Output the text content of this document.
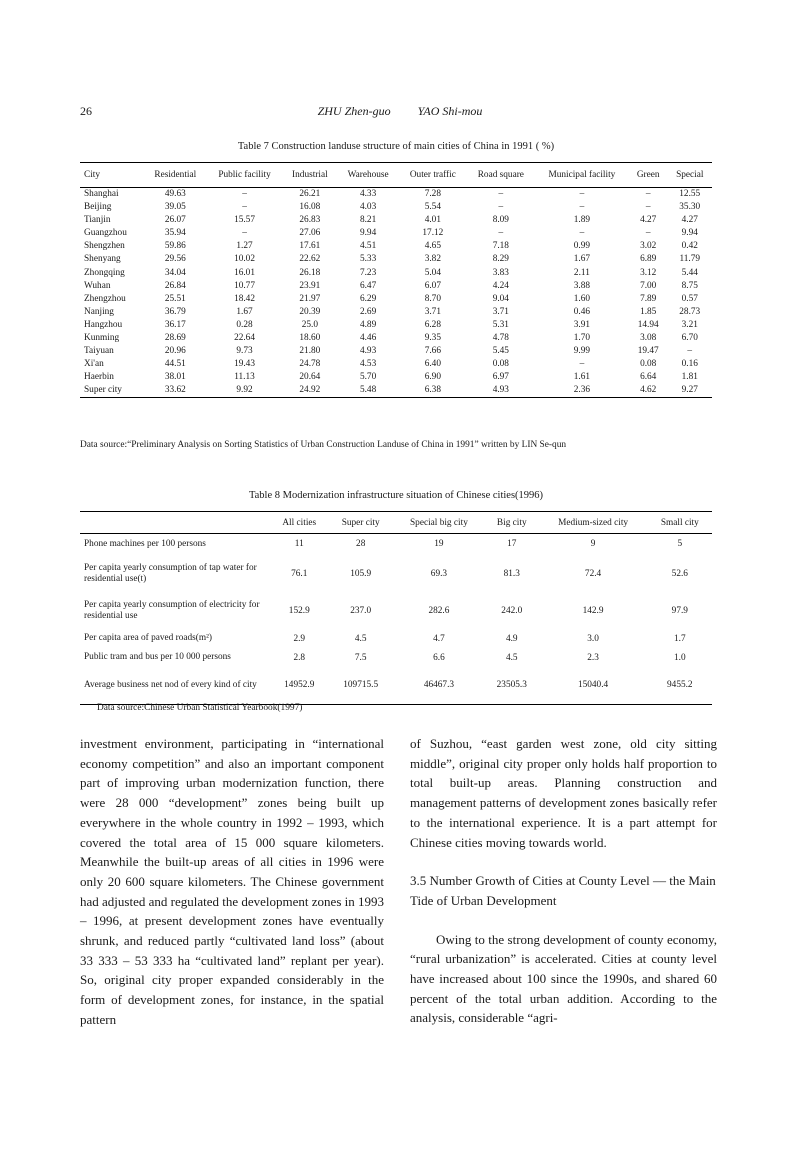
26	ZHU Zhen-guo YAO Shi-mou
Table 7 Construction landuse structure of main cities of China in 1991 ( %)
City	Residential	Public facility	Industrial	Warehouse	Outer traffic	Road square	Municipal facility	Green	Special
Shanghai	49.63	–	26.21	4.33	7.28	–	–	–	12.55
Beijing	39.05	–	16.08	4.03	5.54	–	–	–	35.30
Tianjin	26.07	15.57	26.83	8.21	4.01	8.09	1.89	4.27	4.27
Guangzhou	35.94	–	27.06	9.94	17.12	–	–	–	9.94
Shengzhen	59.86	1.27	17.61	4.51	4.65	7.18	0.99	3.02	0.42
Shenyang	29.56	10.02	22.62	5.33	3.82	8.29	1.67	6.89	11.79
Zhongqing	34.04	16.01	26.18	7.23	5.04	3.83	2.11	3.12	5.44
Wuhan	26.84	10.77	23.91	6.47	6.07	4.24	3.88	7.00	8.75
Zhengzhou	25.51	18.42	21.97	6.29	8.70	9.04	1.60	7.89	0.57
Nanjing	36.79	1.67	20.39	2.69	3.71	3.71	0.46	1.85	28.73
Hangzhou	36.17	0.28	25.0	4.89	6.28	5.31	3.91	14.94	3.21
Kunming	28.69	22.64	18.60	4.46	9.35	4.78	1.70	3.08	6.70
Taiyuan	20.96	9.73	21.80	4.93	7.66	5.45	9.99	19.47	–
Xi'an	44.51	19.43	24.78	4.53	6.40	0.08	–	0.08	0.16
Haerbin	38.01	11.13	20.64	5.70	6.90	6.97	1.61	6.64	1.81
Super city	33.62	9.92	24.92	5.48	6.38	4.93	2.36	4.62	9.27
Data source:“Preliminary Analysis on Sorting Statistics of Urban Construction Landuse of China in 1991” written by LIN Se-qun
Table 8 Modernization infrastructure situation of Chinese cities(1996)
	All cities	Super city	Special big city	Big city	Medium-sized city	Small city
Phone machines per 100 persons	11	28	19	17	9	5
Per capita yearly consumption of tap water for residential use(t)	76.1	105.9	69.3	81.3	72.4	52.6
Per capita yearly consumption of electricity for residential use	152.9	237.0	282.6	242.0	142.9	97.9
Per capita area of paved roads(m²)	2.9	4.5	4.7	4.9	3.0	1.7
Public tram and bus per 10 000 persons	2.8	7.5	6.6	4.5	2.3	1.0
Average business net nod of every kind of city	14952.9	109715.5	46467.3	23505.3	15040.4	9455.2
Data source:Chinese Urban Statistical Yearbook(1997)

investment environment, participating in “international economy competition” and also an important component part of improving urban modernization function, there were 28 000 “development” zones being built up everywhere in the whole country in 1992 – 1993, which covered the total area of 15 000 square kilometers. Meanwhile the built-up areas of all cities in 1996 were only 20 600 square kilometers. The Chinese government had adjusted and regulated the development zones in 1993 – 1996, at present development zones have eventually shrunk, and reduced partly “cultivated land loss” (about 33 333 – 53 333 ha “cultivated land” replant per year). So, original city proper expanded considerably in the form of development zones, for instance, in the spatial pattern

of Suzhou, “east garden west zone, old city sitting middle”, original city proper only holds half proportion to total built-up areas. Planning construction and management patterns of development zones basically refer to the international experience. It is a part attempt for Chinese cities moving towards world.

3.5 Number Growth of Cities at County Level — the Main Tide of Urban Development

Owing to the strong development of county economy, “rural urbanization” is accelerated. Cities at county level have increased about 100 since the 1990s, and shared 60 percent of the total urban addition. According to the analysis, considerable “agri-
